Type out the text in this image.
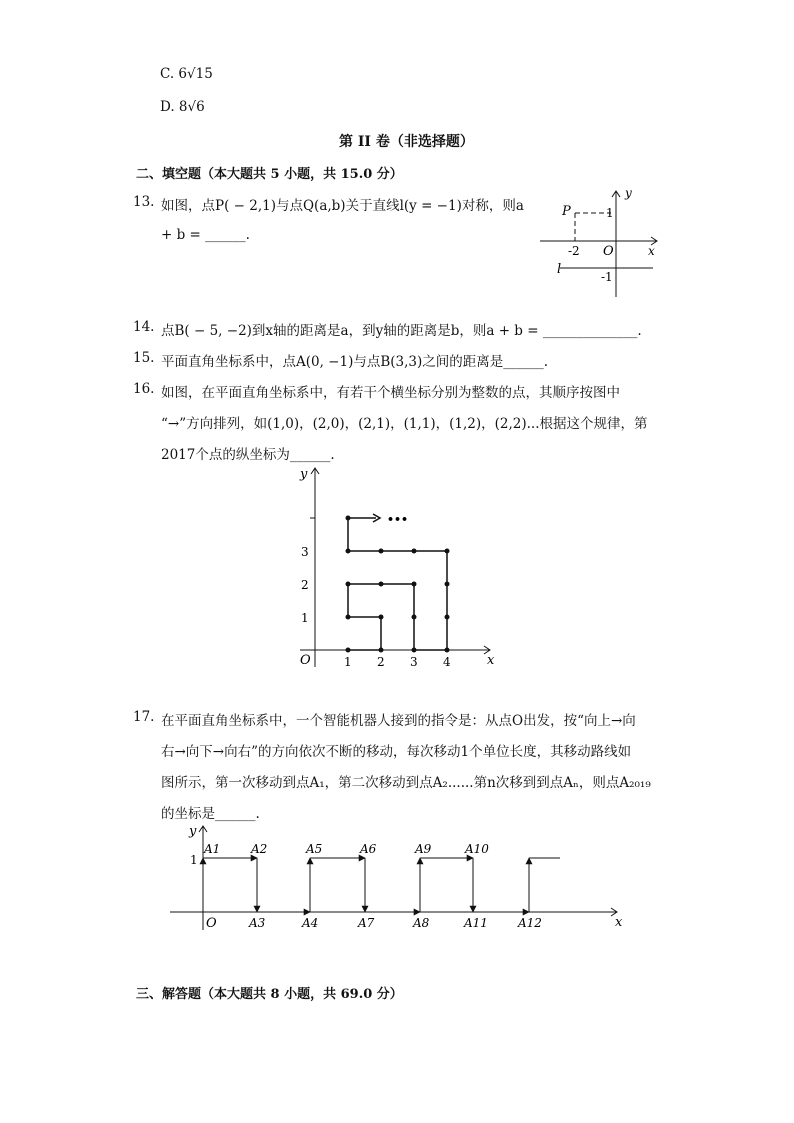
C. 6√15
D. 8√6
第 II 卷（非选择题）
二、填空题（本大题共 5 小题，共 15.0 分）
13. 如图，点P( − 2,1)与点Q(a,b)关于直线l(y = −1)对称，则a
+ b = ______.
P
y
x
O
l
1
-2
-1
14. 点B( − 5, −2)到x轴的距离是a，到y轴的距离是b，则a + b = ______________.
15. 平面直角坐标系中，点A(0, −1)与点B(3,3)之间的距离是______.
16. 如图，在平面直角坐标系中，有若干个横坐标分别为整数的点，其顺序按图中
“→”方向排列，如(1,0)，(2,0)，(2,1)，(1,1)，(1,2)，(2,2)...根据这个规律，第
2017个点的纵坐标为______.
•••
y
x
O	1 2 3 4
1
2
3
17. 在平面直角坐标系中，一个智能机器人接到的指令是：从点O出发，按“向上→向
右→向下→向右”的方向依次不断的移动，每次移动1个单位长度，其移动路线如
图所示，第一次移动到点A₁，第二次移动到点A₂......第n次移到到点Aₙ，则点A₂₀₁₉
的坐标是______.
y
x
O
1
A1	A2	A5	A6	A9	A10
A3	A4	A7	A8	A11	A12
三、解答题（本大题共 8 小题，共 69.0 分）
